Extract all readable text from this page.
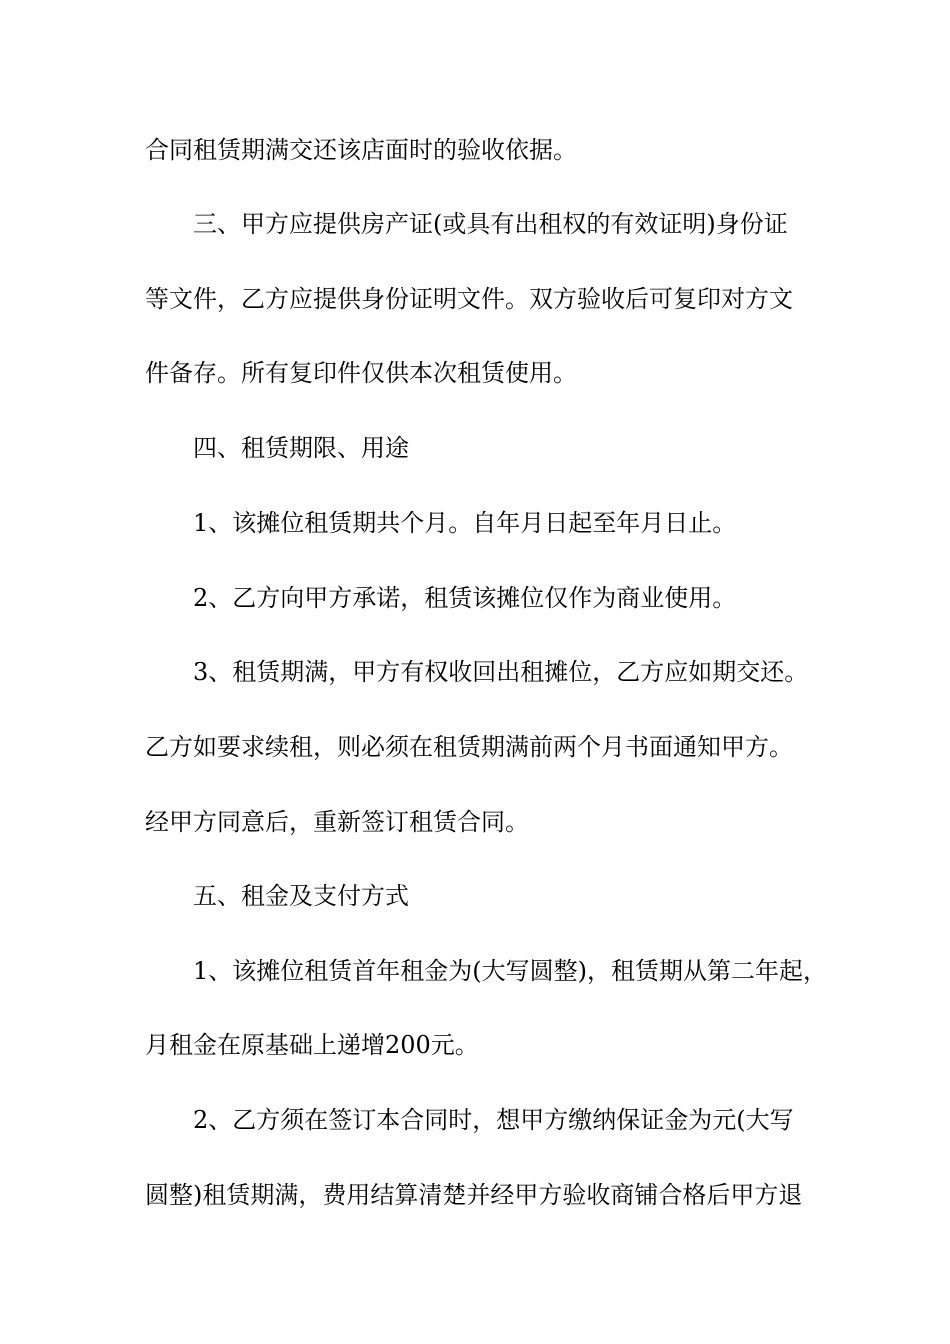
合同租赁期满交还该店面时的验收依据。
三、甲方应提供房产证(或具有出租权的有效证明)身份证
等文件，乙方应提供身份证明文件。双方验收后可复印对方文
件备存。所有复印件仅供本次租赁使用。
四、租赁期限、用途
1、该摊位租赁期共个月。自年月日起至年月日止。
2、乙方向甲方承诺，租赁该摊位仅作为商业使用。
3、租赁期满，甲方有权收回出租摊位，乙方应如期交还。
乙方如要求续租，则必须在租赁期满前两个月书面通知甲方。
经甲方同意后，重新签订租赁合同。
五、租金及支付方式
1、该摊位租赁首年租金为(大写圆整)，租赁期从第二年起，
月租金在原基础上递增200元。
2、乙方须在签订本合同时，想甲方缴纳保证金为元(大写
圆整)租赁期满，费用结算清楚并经甲方验收商铺合格后甲方退
